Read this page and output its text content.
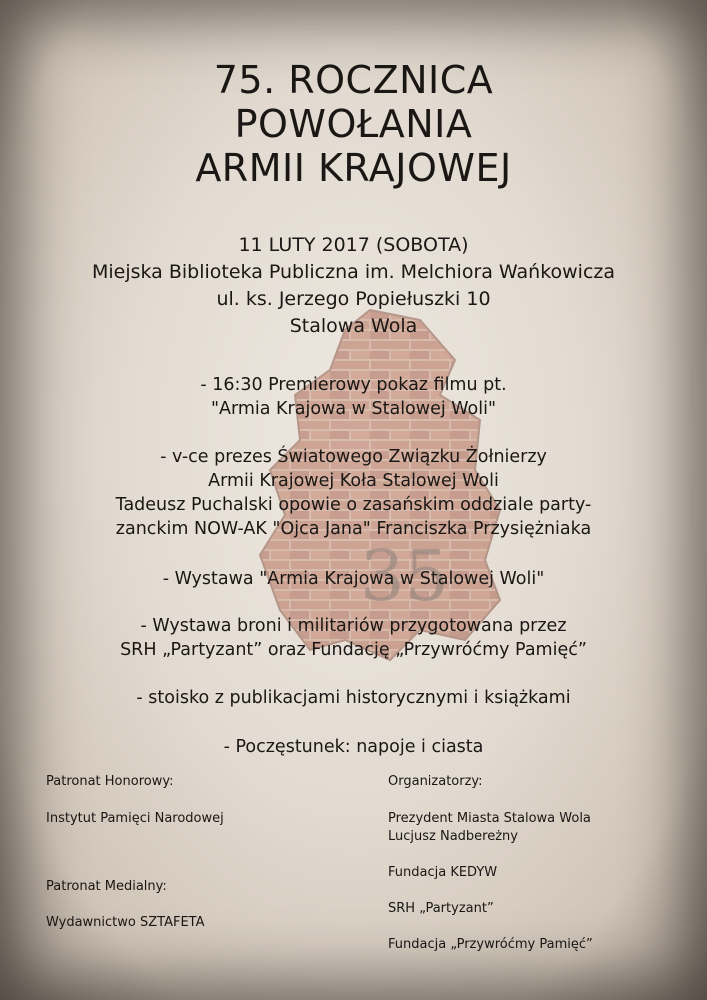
35
75. ROCZNICA
POWOŁANIA
ARMII KRAJOWEJ
11 LUTY 2017 (SOBOTA)
Miejska Biblioteka Publiczna im. Melchiora Wańkowicza
ul. ks. Jerzego Popiełuszki 10
Stalowa Wola
- 16:30 Premierowy pokaz filmu pt.
"Armia Krajowa w Stalowej Woli"
- v-ce prezes Światowego Związku Żołnierzy
Armii Krajowej Koła Stalowej Woli
Tadeusz Puchalski opowie o zasańskim oddziale party-
zanckim NOW-AK "Ojca Jana" Franciszka Przysiężniaka
- Wystawa "Armia Krajowa w Stalowej Woli"
- Wystawa broni i militariów przygotowana przez
SRH „Partyzant” oraz Fundację „Przywróćmy Pamięć”
- stoisko z publikacjami historycznymi i książkami
- Poczęstunek: napoje i ciasta
Patronat Honorowy:
Instytut Pamięci Narodowej
Patronat Medialny:
Wydawnictwo SZTAFETA
Organizatorzy:
Prezydent Miasta Stalowa Wola
Lucjusz Nadbereżny
Fundacja KEDYW
SRH „Partyzant”
Fundacja „Przywróćmy Pamięć”
